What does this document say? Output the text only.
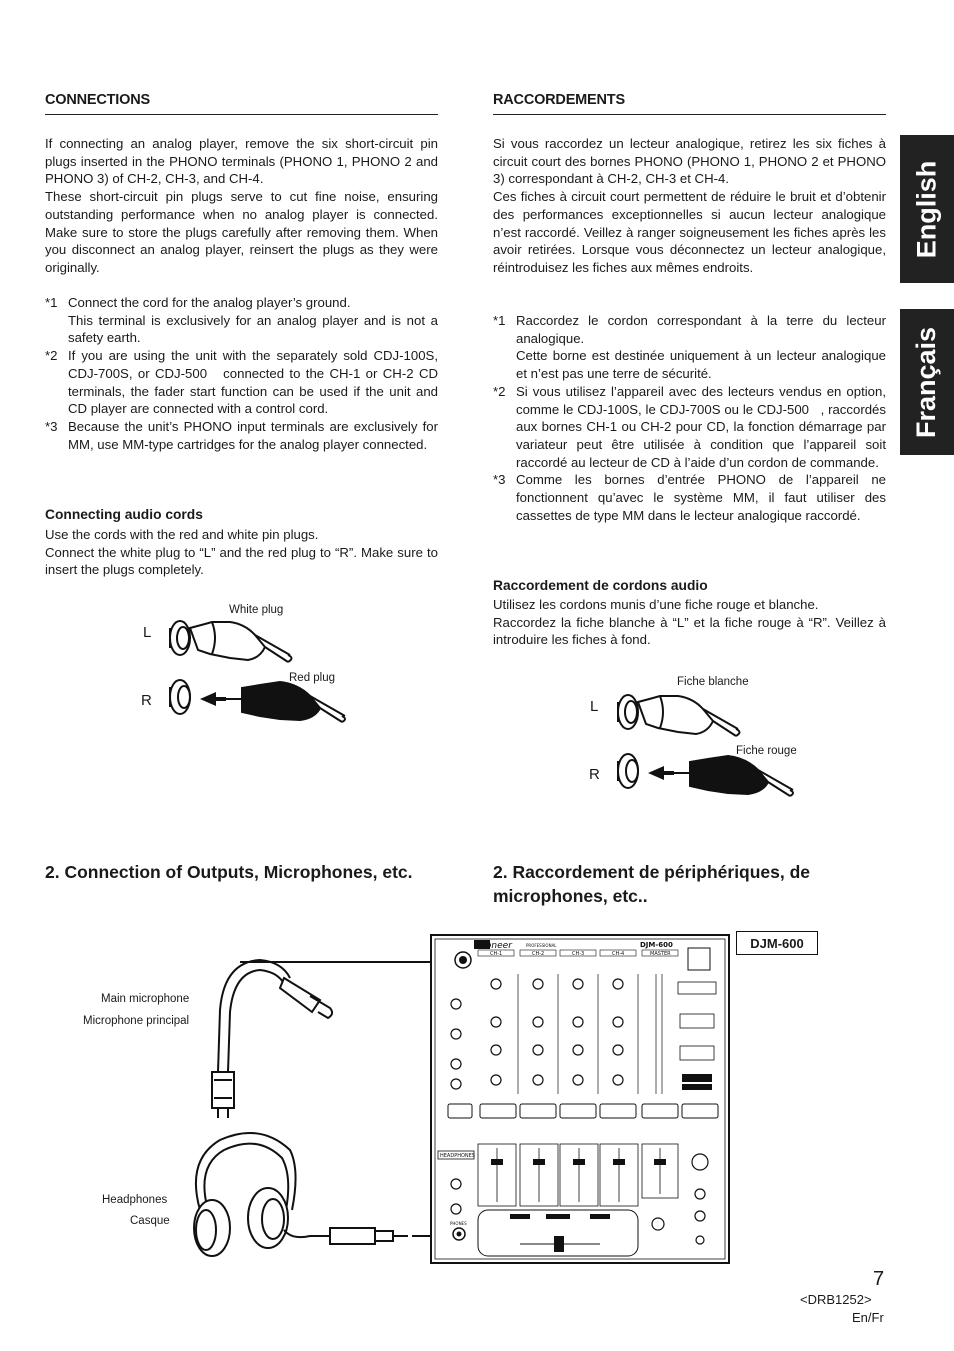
English
Français
CONNECTIONS

If connecting an analog player, remove the six short-circuit pin plugs inserted in the PHONO terminals (PHONO 1, PHONO 2 and PHONO 3) of CH-2, CH-3, and CH-4.

These short-circuit pin plugs serve to cut fine noise, ensuring outstanding performance when no analog player is connected. Make sure to store the plugs carefully after removing them. When you disconnect an analog player, reinsert the plugs as they were originally.

*1 Connect the cord for the analog player’s ground.
This terminal is exclusively for an analog player and is not a safety earth.
*2 If you are using the unit with the separately sold CDJ-100S, CDJ-700S, or CDJ-500   connected to the CH-1 or CH-2 CD terminals, the fader start function can be used if the unit and CD player are connected with a control cord.
*3 Because the unit’s PHONO input terminals are exclusively for MM, use MM-type cartridges for the analog player connected.
Connecting audio cords

Use the cords with the red and white pin plugs.

Connect the white plug to “L” and the red plug to “R”. Make sure to insert the plugs completely.

L
R
White plug
Red plug
2. Connection of Outputs, Microphones, etc.
RACCORDEMENTS

Si vous raccordez un lecteur analogique, retirez les six fiches à circuit court des bornes PHONO (PHONO 1, PHONO 2 et PHONO 3) correspondant à CH-2, CH-3 et CH-4.

Ces fiches à circuit court permettent de réduire le bruit et d’obtenir des performances exceptionnelles si aucun lecteur analogique n’est raccordé. Veillez à ranger soigneusement les fiches après les avoir retirées. Lorsque vous déconnectez un lecteur analogique, réintroduisez les fiches aux mêmes endroits.

*1 Raccordez le cordon correspondant à la terre du lecteur analogique.
Cette borne est destinée uniquement à un lecteur analogique et n’est pas une terre de sécurité.
*2 Si vous utilisez l’appareil avec des lecteurs vendus en option, comme le CDJ-100S, le CDJ-700S ou le CDJ-500   , raccordés aux bornes CH-1 ou CH-2 pour CD, la fonction démarrage par variateur peut être utilisée à condition que l’appareil soit raccordé au lecteur de CD à l’aide d’un cordon de commande.
*3 Comme les bornes d’entrée PHONO de l’appareil ne fonctionnent qu’avec le système MM, il faut utiliser des cassettes de type MM dans le lecteur analogique raccordé.
Raccordement de cordons audio

Utilisez les cordons munis d’une fiche rouge et blanche.

Raccordez la fiche blanche à “L” et la fiche rouge à “R”. Veillez à introduire les fiches à fond.

L
R
Fiche blanche
Fiche rouge
2. Raccordement de périphériques, de microphones, etc..
DJM-600
Main microphone
Microphone principal
Headphones
Casque
Pioneer	PROFESSIONAL	DJM-600
CH-1	CH-2	CH-3	CH-4	MASTER
HEADPHONES
PHONES
7
<DRB1252>
En/Fr
